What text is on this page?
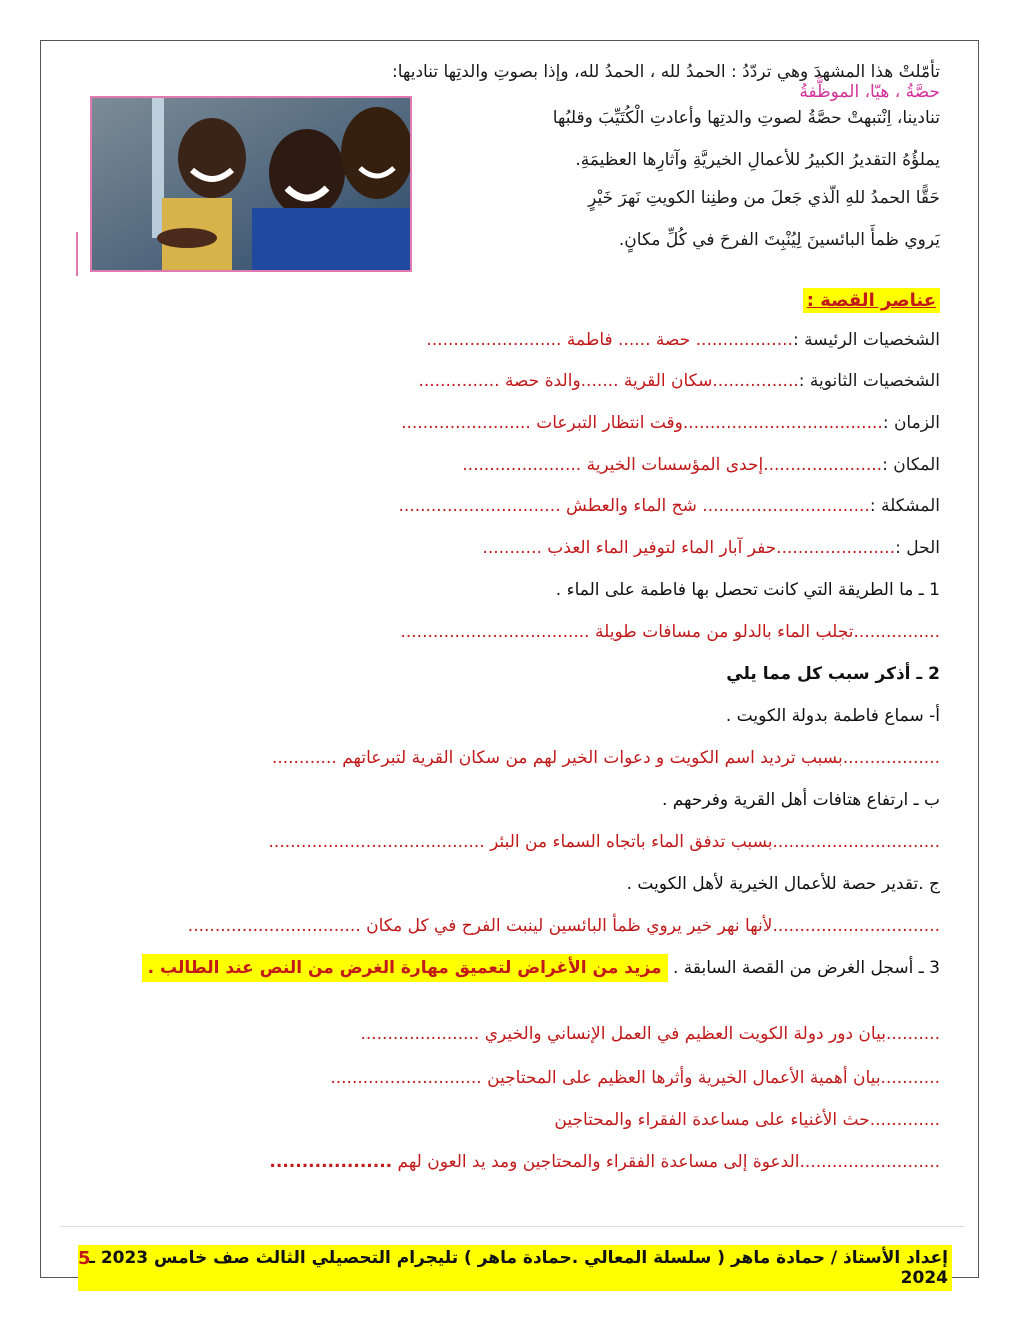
تأمّلتْ هذا المشهدَ وهي تردّدُ : الحمدُ لله ، الحمدُ لله، وإذا بصوتِ والدتِها تناديها: حصَّةُ ، هيّا، الموظَّفةُ
تنادينا، اِنْتبهتْ حصَّةُ لصوتِ والدتِها وأعادتِ الْكُتَيِّبَ وقلبُها
يملؤُهُ التقديرُ الكبيرُ للأعمالِ الخيريَّةِ وآثارِها العظيمَةِ.
حَقًّا الحمدُ للهِ الّذي جَعلَ من وطنِنا الكويتِ نَهرَ خَيْرٍ
يَروي ظمأَ البائسينَ لِيُنْبِتَ الفرحَ في كُلِّ مكانٍ.
عناصر القصة :
الشخصيات الرئيسة :.................. حصة ...... فاطمة .........................
الشخصيات الثانوية :................سكان القرية .......والدة حصة ...............
الزمان :.....................................وقت انتظار التبرعات ........................
المكان :......................إحدى المؤسسات الخيرية ......................
المشكلة :............................... شح الماء والعطش ..............................
الحل :......................حفر آبار الماء لتوفير الماء العذب ...........
1 ـ ما الطريقة التي كانت تحصل بها فاطمة على الماء .
................تجلب الماء بالدلو من مسافات طويلة ...................................
2 ـ أذكر سبب كل مما يلي
أ- سماع فاطمة بدولة الكويت .
..................بسبب ترديد اسم الكويت و دعوات الخير لهم من سكان القرية لتبرعاتهم ............
ب ـ ارتفاع هتافات أهل القرية وفرحهم .
...............................بسبب تدفق الماء باتجاه السماء من البئر ........................................
ج .تقدير حصة للأعمال الخيرية لأهل الكويت .
...............................لأنها نهر خير يروي ظمأ البائسين لينبت الفرح في كل مكان ................................
3 ـ أسجل الغرض من القصة السابقة . مزيد من الأغراض لتعميق مهارة الغرض من النص عند الطالب .
..........بيان دور دولة الكويت العظيم في العمل الإنساني والخيري ......................
...........بيان أهمية الأعمال الخيرية وأثرها العظيم على المحتاجين ............................
.............حث الأغنياء على مساعدة الفقراء والمحتاجين
..........................الدعوة إلى مساعدة الفقراء والمحتاجين ومد يد العون لهم ...................
إعداد الأستاذ / حمادة ماهر ( سلسلة المعالي .حمادة ماهر ) تليجرام التحصيلي الثالث صف خامس 2023 ـ 2024
5
